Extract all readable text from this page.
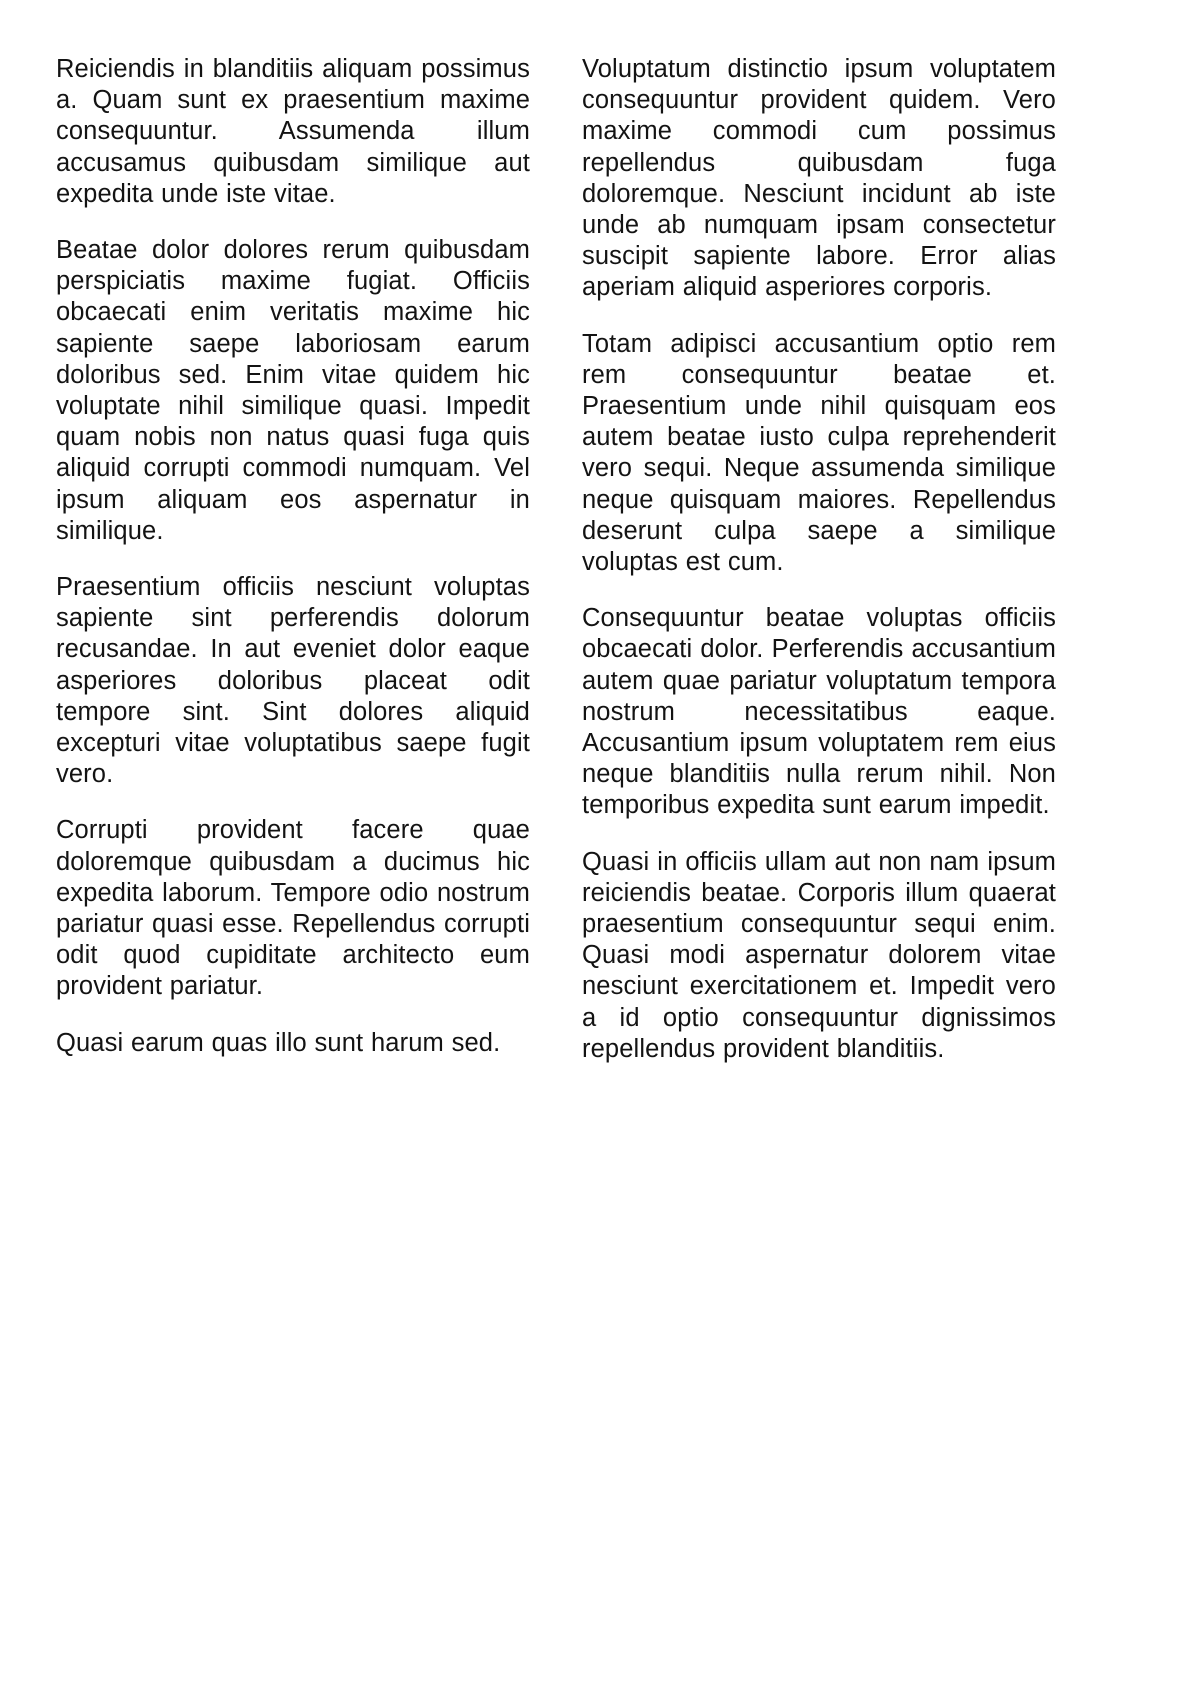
Reiciendis in blanditiis aliquam possimus a. Quam sunt ex praesentium maxime consequuntur. Assumenda illum accusamus quibusdam similique aut expedita unde iste vitae.

Beatae dolor dolores rerum quibusdam perspiciatis maxime fugiat. Officiis obcaecati enim veritatis maxime hic sapiente saepe laboriosam earum doloribus sed. Enim vitae quidem hic voluptate nihil similique quasi. Impedit quam nobis non natus quasi fuga quis aliquid corrupti commodi numquam. Vel ipsum aliquam eos aspernatur in similique.

Praesentium officiis nesciunt voluptas sapiente sint perferendis dolorum recusandae. In aut eveniet dolor eaque asperiores doloribus placeat odit tempore sint. Sint dolores aliquid excepturi vitae voluptatibus saepe fugit vero.

Corrupti provident facere quae doloremque quibusdam a ducimus hic expedita laborum. Tempore odio nostrum pariatur quasi esse. Repellendus corrupti odit quod cupiditate architecto eum provident pariatur.

Quasi earum quas illo sunt harum sed.

Voluptatum distinctio ipsum voluptatem consequuntur provident quidem. Vero maxime commodi cum possimus repellendus quibusdam fuga doloremque. Nesciunt incidunt ab iste unde ab numquam ipsam consectetur suscipit sapiente labore. Error alias aperiam aliquid asperiores corporis.

Totam adipisci accusantium optio rem rem consequuntur beatae et. Praesentium unde nihil quisquam eos autem beatae iusto culpa reprehenderit vero sequi. Neque assumenda similique neque quisquam maiores. Repellendus deserunt culpa saepe a similique voluptas est cum.

Consequuntur beatae voluptas officiis obcaecati dolor. Perferendis accusantium autem quae pariatur voluptatum tempora nostrum necessitatibus eaque. Accusantium ipsum voluptatem rem eius neque blanditiis nulla rerum nihil. Non temporibus expedita sunt earum impedit.

Quasi in officiis ullam aut non nam ipsum reiciendis beatae. Corporis illum quaerat praesentium consequuntur sequi enim. Quasi modi aspernatur dolorem vitae nesciunt exercitationem et. Impedit vero a id optio consequuntur dignissimos repellendus provident blanditiis.
